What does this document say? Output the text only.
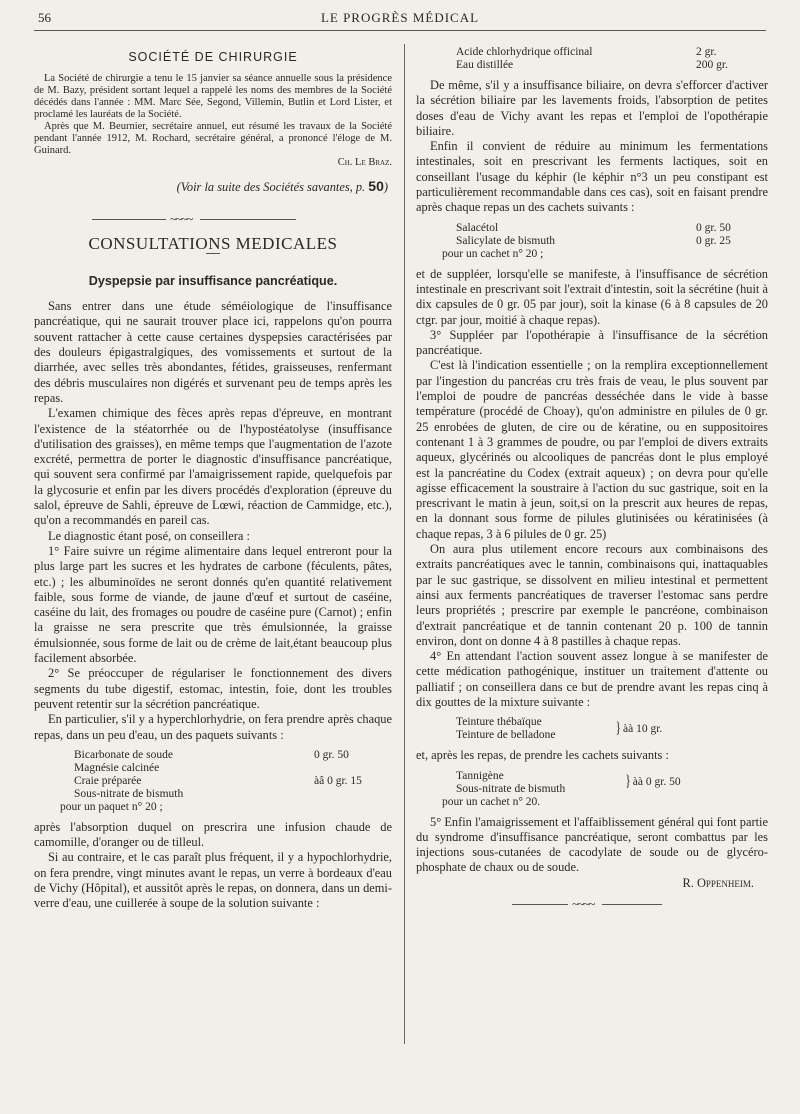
56	LE PROGRÈS MÉDICAL
SOCIÉTÉ DE CHIRURGIE

La Société de chirurgie a tenu le 15 janvier sa séance annuelle sous la présidence de M. Bazy, président sortant lequel a rappelé les noms des membres de la Société décédés dans l'année : MM. Marc Sée, Segond, Villemin, Butlin et Lord Lister, et proclamé les lauréats de la Société.

Après que M. Beurnier, secrétaire annuel, eut résumé les travaux de la Société pendant l'année 1912, M. Rochard, secrétaire général, a prononcé l'éloge de M. Guinard.

Ch. Le Braz.
(Voir la suite des Sociétés savantes, p. 50)
~~~~
CONSULTATIONS MEDICALES
Dyspepsie par insuffisance pancréatique.

Sans entrer dans une étude séméiologique de l'insuffisance pancréatique, qui ne saurait trouver place ici, rappelons qu'on pourra souvent rattacher à cette cause certaines dyspepsies caractérisées par des douleurs épigastralgiques, des vomissements et surtout de la diarrhée, avec selles très abondantes, fétides, graisseuses, renfermant des débris musculaires non digérés et survenant peu de temps après les repas.

L'examen chimique des fèces après repas d'épreuve, en montrant l'existence de la stéatorrhée ou de l'hypostéatolyse (insuffisance d'utilisation des graisses), en même temps que l'augmentation de l'azote excrété, permettra de porter le diagnostic d'insuffisance pancréatique, qui souvent sera confirmé par l'amaigrissement rapide, quelquefois par la glycosurie et enfin par les divers procédés d'exploration (épreuve du salol, épreuve de Sahli, épreuve de Lœwi, réaction de Cammidge, etc.), qu'on a recommandés en pareil cas.

Le diagnostic étant posé, on conseillera :

1° Faire suivre un régime alimentaire dans lequel entreront pour la plus large part les sucres et les hydrates de carbone (féculents, pâtes, etc.) ; les albuminoïdes ne seront donnés qu'en quantité relativement faible, sous forme de viande, de jaune d'œuf et surtout de caséine, caséine du lait, des fromages ou poudre de caséine pure (Carnot) ; enfin la graisse ne sera prescrite que très émulsionnée, la graisse émulsionnée, sous forme de lait ou de crème de lait,étant beaucoup plus facilement absorbée.

2° Se préoccuper de régulariser le fonctionnement des divers segments du tube digestif, estomac, intestin, foie, dont les troubles peuvent retentir sur la sécrétion pancréatique.

En particulier, s'il y a hyperchlorhydrie, on fera prendre après chaque repas, dans un peu d'eau, un des paquets suivants :

Bicarbonate de soude	0 gr. 50
Magnésie calcinée
Craie préparée	àâ 0 gr. 15
Sous-nitrate de bismuth
pour un paquet n° 20 ;

après l'absorption duquel on prescrira une infusion chaude de camomille, d'oranger ou de tilleul.

Si au contraire, et le cas paraît plus fréquent, il y a hypochlorhydrie, on fera prendre, vingt minutes avant le repas, un verre à bordeaux d'eau de Vichy (Hôpital), et aussitôt après le repas, on donnera, dans un demi-verre d'eau, une cuillerée à soupe de la solution suivante :

Acide chlorhydrique officinal	2 gr.
Eau distillée	200 gr.

De même, s'il y a insuffisance biliaire, on devra s'efforcer d'activer la sécrétion biliaire par les lavements froids, l'absorption de petites doses d'eau de Vichy avant les repas et l'emploi de l'opothérapie biliaire.

Enfin il convient de réduire au minimum les fermentations intestinales, soit en prescrivant les ferments lactiques, soit en conseillant l'usage du képhir (le képhir n°3 un peu constipant est particulièrement recommandable dans ces cas), soit en faisant prendre après chaque repas un des cachets suivants :

Salacétol	0 gr. 50
Salicylate de bismuth	0 gr. 25
pour un cachet n° 20 ;

et de suppléer, lorsqu'elle se manifeste, à l'insuffisance de sécrétion intestinale en prescrivant soit l'extrait d'intestin, soit la sécrétine (huit à dix capsules de 0 gr. 05 par jour), soit la kinase (6 à 8 capsules de 20 ctgr. par jour, moitié à chaque repas).

3° Suppléer par l'opothérapie à l'insuffisance de la sécrétion pancréatique.

C'est là l'indication essentielle ; on la remplira exceptionnellement par l'ingestion du pancréas cru très frais de veau, le plus souvent par l'emploi de poudre de pancréas desséchée dans le vide à basse température (procédé de Choay), qu'on administre en pilules de 0 gr. 25 enrobées de gluten, de cire ou de kératine, ou en suppositoires contenant 1 à 3 grammes de poudre, ou par l'emploi de divers extraits aqueux, glycérinés ou alcooliques de pancréas dont le plus employé est la pancréatine du Codex (extrait aqueux) ; on devra pour qu'elle agisse efficacement la soustraire à l'action du suc gastrique, soit en la prescrivant le matin à jeun, soit,si on la prescrit aux heures de repas, en la donnant sous forme de pilules glutinisées ou kératinisées (à chaque repas, 3 à 6 pilules de 0 gr. 25)

On aura plus utilement encore recours aux combinaisons des extraits pancréatiques avec le tannin, combinaisons qui, inattaquables par le suc gastrique, se dissolvent en milieu intestinal et permettent ainsi aux ferments pancréatiques de traverser l'estomac sans perdre leurs propriétés ; prescrire par exemple le pancréone, combinaison d'extrait pancréatique et de tannin contenant 20 p. 100 de tannin environ, dont on donne 4 à 8 pastilles à chaque repas.

4° En attendant l'action souvent assez longue à se manifester de cette médication pathogénique, instituer un traitement d'attente ou palliatif ; on conseillera dans ce but de prendre avant les repas cinq à dix gouttes de la mixture suivante :

Teinture thébaïque
Teinture de belladone	} àà 10 gr.

et, après les repas, de prendre les cachets suivants :

Tannigène
Sous-nitrate de bismuth	} àà 0 gr. 50
pour un cachet n° 20.

5° Enfin l'amaigrissement et l'affaiblissement général qui font partie du syndrome d'insuffisance pancréatique, seront combattus par les injections sous-cutanées de cacodylate de soude ou de glycéro-phosphate de chaux ou de soude.

R. Oppenheim.
~~~~
